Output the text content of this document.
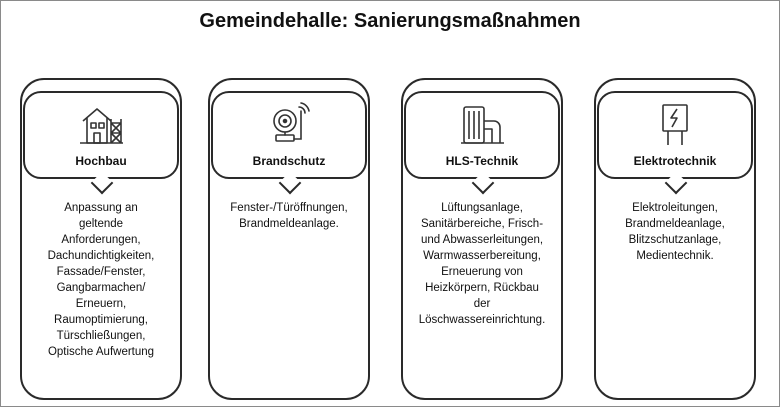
Gemeindehalle: Sanierungsmaßnahmen
Hochbau
Anpassung an
geltende
Anforderungen,
Dachundichtigkeiten,
Fassade/Fenster,
Gangbarmachen/
Erneuern,
Raumoptimierung,
Türschließungen,
Optische Aufwertung
Brandschutz
Fenster-/Türöffnungen,
Brandmeldeanlage.
HLS-Technik
Lüftungsanlage,
Sanitärbereiche, Frisch-
und Abwasserleitungen,
Warmwasserbereitung,
Erneuerung von
Heizkörpern, Rückbau
der
Löschwassereinrichtung.
Elektrotechnik
Elektroleitungen,
Brandmeldeanlage,
Blitzschutzanlage,
Medientechnik.
